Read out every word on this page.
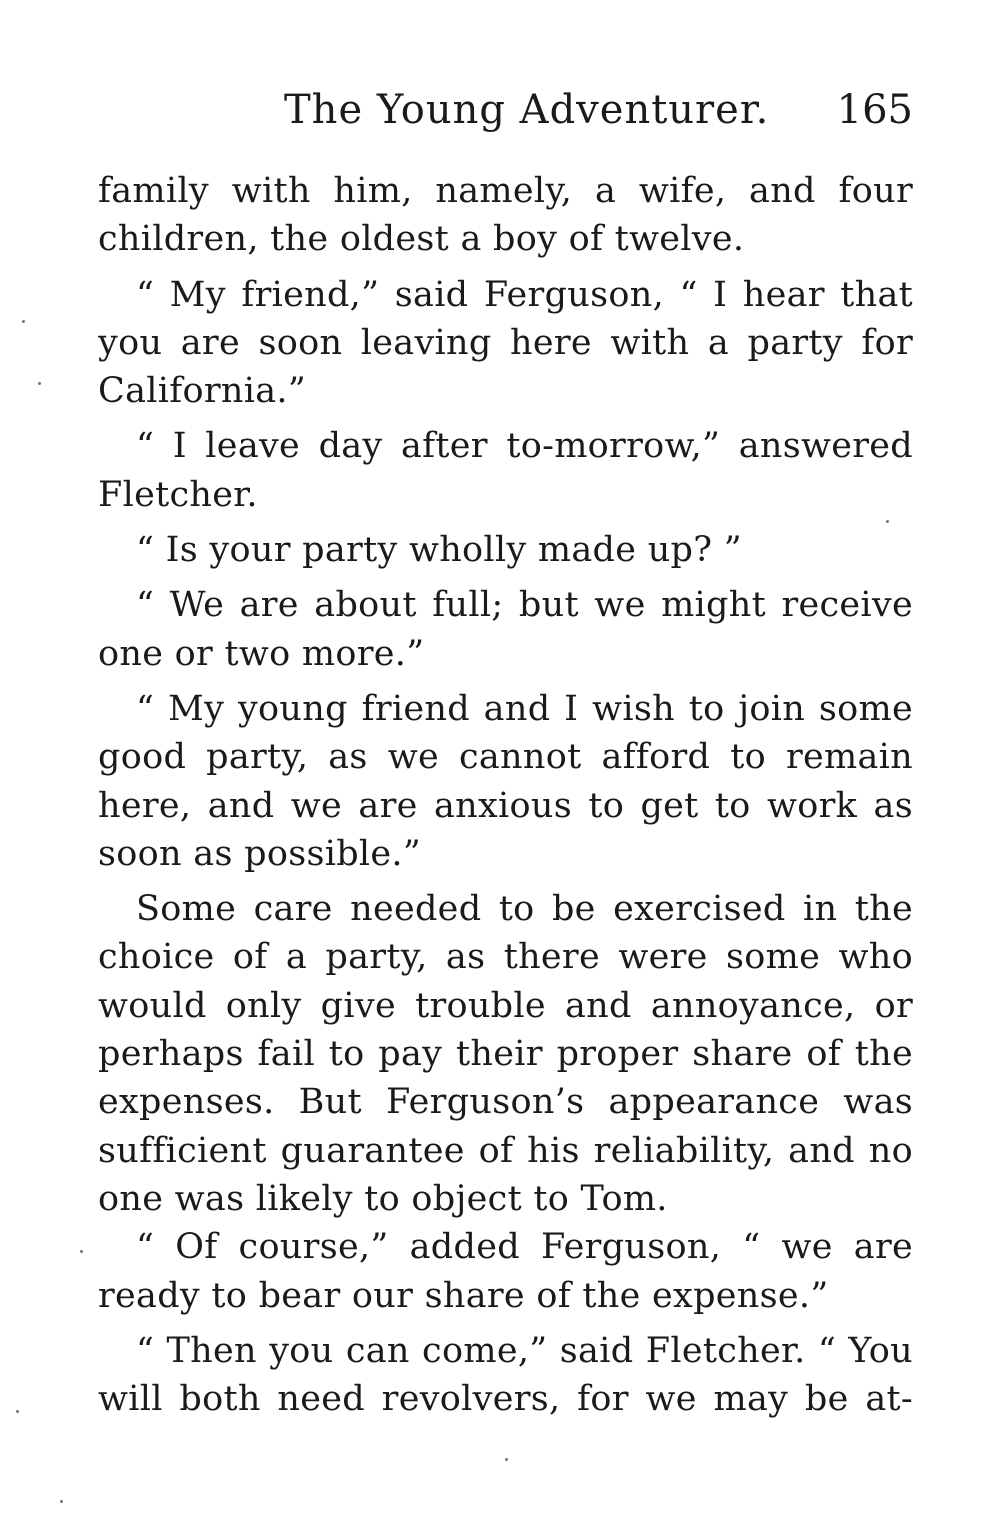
The Young Adventurer. 165
family with him, namely, a wife, and four
children, the oldest a boy of twelve.
“ My friend,” said Ferguson, “ I hear that
you are soon leaving here with a party for
California.”
“ I leave day after to-morrow,” answered
Fletcher.
“ Is your party wholly made up? ”
“ We are about full; but we might receive
one or two more.”
“ My young friend and I wish to join some
good party, as we cannot afford to remain
here, and we are anxious to get to work as
soon as possible.”
Some care needed to be exercised in the
choice of a party, as there were some who
would only give trouble and annoyance, or
perhaps fail to pay their proper share of the
expenses. But Ferguson’s appearance was
sufficient guarantee of his reliability, and no
one was likely to object to Tom.
“ Of course,” added Ferguson, “ we are
ready to bear our share of the expense.”
“ Then you can come,” said Fletcher. “ You
will both need revolvers, for we may be at-
